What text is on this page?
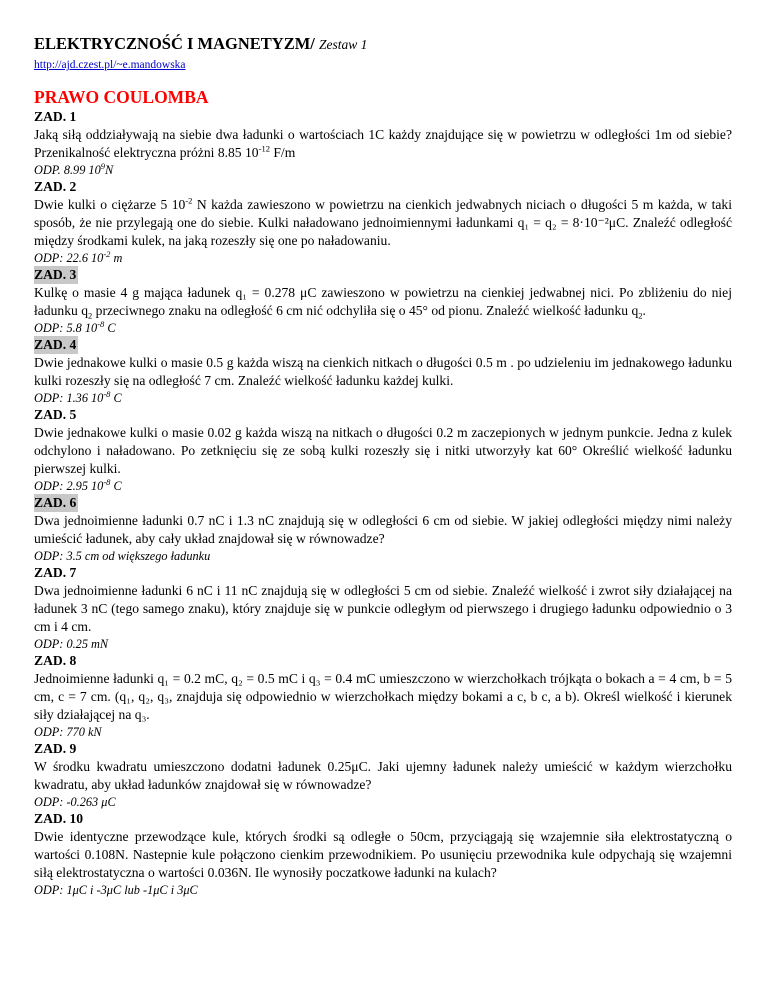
ELEKTRYCZNOŚĆ I MAGNETYZM/ Zestaw 1
http://ajd.czest.pl/~e.mandowska
PRAWO COULOMBA
ZAD. 1
Jaką siłą oddziaływają na siebie dwa ładunki o wartościach 1C każdy znajdujące się w powietrzu w odległości 1m od siebie? Przenikalność elektryczna próżni 8.85 $10^{-12}$ F/m
ODP. 8.99 $10^9N$
ZAD. 2
Dwie kulki o ciężarze 5 $10^{-2}$ N każda zawieszono w powietrzu na cienkich jedwabnych niciach o długości 5 m każda, w taki sposób, że nie przylegają one do siebie. Kulki naładowano jednoimiennymi ładunkami q₁ = q₂ = 8·10⁻²μC. Znaleźć odległość między środkami kulek, na jaką rozeszły się one po naładowaniu.
ODP: 22.6 $10^{-2}$ m
ZAD. 3
Kulkę o masie 4 g mająca ładunek q₁ = 0.278 μC zawieszono w powietrzu na cienkiej jedwabnej nici. Po zbliżeniu do niej ładunku $q_2$ przeciwnego znaku na odległość 6 cm nić odchyliła się o 45° od pionu. Znaleźć wielkość ładunku $q_2$.
ODP: 5.8 $10^{-8}$ C
ZAD. 4
Dwie jednakowe kulki o masie 0.5 g każda wiszą na cienkich nitkach o długości 0.5 m . po udzieleniu im jednakowego ładunku kulki rozeszły się na odległość 7 cm. Znaleźć wielkość ładunku każdej kulki.
ODP: 1.36 $10^{-8}$ C
ZAD. 5
Dwie jednakowe kulki o masie 0.02 g każda wiszą na nitkach o długości 0.2 m zaczepionych w jednym punkcie. Jedna z kulek odchylono i naładowano. Po zetknięciu się ze sobą kulki rozeszły się i nitki utworzyły kat 60° Określić wielkość ładunku pierwszej kulki.
ODP: 2.95 $10^{-8}$ C
ZAD. 6
Dwa jednoimienne ładunki 0.7 nC i 1.3 nC znajdują się w odległości 6 cm od siebie. W jakiej odległości między nimi należy umieścić ładunek, aby cały układ znajdował się w równowadze?
ODP: 3.5 cm od większego ładunku
ZAD. 7
Dwa jednoimienne ładunki 6 nC i 11 nC znajdują się w odległości 5 cm od siebie. Znaleźć wielkość i zwrot siły działającej na ładunek 3 nC (tego samego znaku), który znajduje się w punkcie odległym od pierwszego i drugiego ładunku odpowiednio o 3 cm i 4 cm.
ODP: 0.25 mN
ZAD. 8
Jednoimienne ładunki q₁ = 0.2 mC, q₂ = 0.5 mC i q₃ = 0.4 mC umieszczono w wierzchołkach trójkąta o bokach a = 4 cm, b = 5 cm, c = 7 cm. (q₁, q₂, q₃, znajduja się odpowiednio w wierzchołkach między bokami a c, b c, a b). Określ wielkość i kierunek siły działającej na q₃.
ODP: 770 kN
ZAD. 9
W środku kwadratu umieszczono dodatni ładunek 0.25μC. Jaki ujemny ładunek należy umieścić w każdym wierzchołku kwadratu, aby układ ładunków znajdował się w równowadze?
ODP: -0.263 μC
ZAD. 10
Dwie identyczne przewodzące kule, których środki są odległe o 50cm, przyciągają się wzajemnie siła elektrostatyczną o wartości 0.108N. Nastepnie kule połączono cienkim przewodnikiem. Po usunięciu przewodnika kule odpychają się wzajemni siłą elektrostatyczna o wartości 0.036N. Ile wynosiły poczatkowe ładunki na kulach?
ODP: 1μC i -3μC lub -1μC i 3μC
